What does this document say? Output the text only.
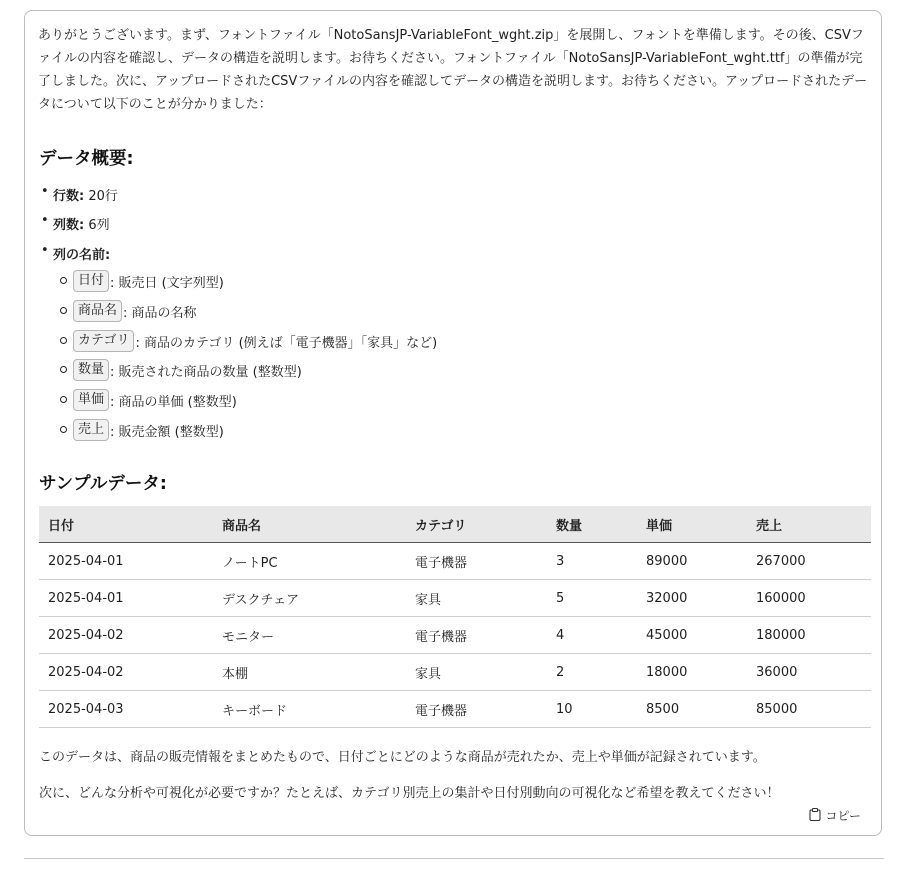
ありがとうございます。まず、フォントファイル「NotoSansJP-VariableFont_wght.zip」を展開し、フォントを準備します。その後、CSVファイルの内容を確認し、データの構造を説明します。お待ちください。フォントファイル「NotoSansJP-VariableFont_wght.ttf」の準備が完了しました。次に、アップロードされたCSVファイルの内容を確認してデータの構造を説明します。お待ちください。アップロードされたデータについて以下のことが分かりました：

データ概要:

• 行数: 20行

• 列数: 6列

• 列の名前:

日付 : 販売日 (文字列型)
商品名 : 商品の名称
カテゴリ : 商品のカテゴリ (例えば「電子機器」「家具」など)
数量 : 販売された商品の数量 (整数型)
単価 : 商品の単価 (整数型)
売上 : 販売金額 (整数型)
サンプルデータ:
日付	商品名	カテゴリ	数量	単価	売上
2025-04-01	ノートPC	電子機器	3	89000	267000
2025-04-01	デスクチェア	家具	5	32000	160000
2025-04-02	モニター	電子機器	4	45000	180000
2025-04-02	本棚	家具	2	18000	36000
2025-04-03	キーボード	電子機器	10	8500	85000

このデータは、商品の販売情報をまとめたもので、日付ごとにどのような商品が売れたか、売上や単価が記録されています。

次に、どんな分析や可視化が必要ですか？たとえば、カテゴリ別売上の集計や日付別動向の可視化など希望を教えてください！

コピー
